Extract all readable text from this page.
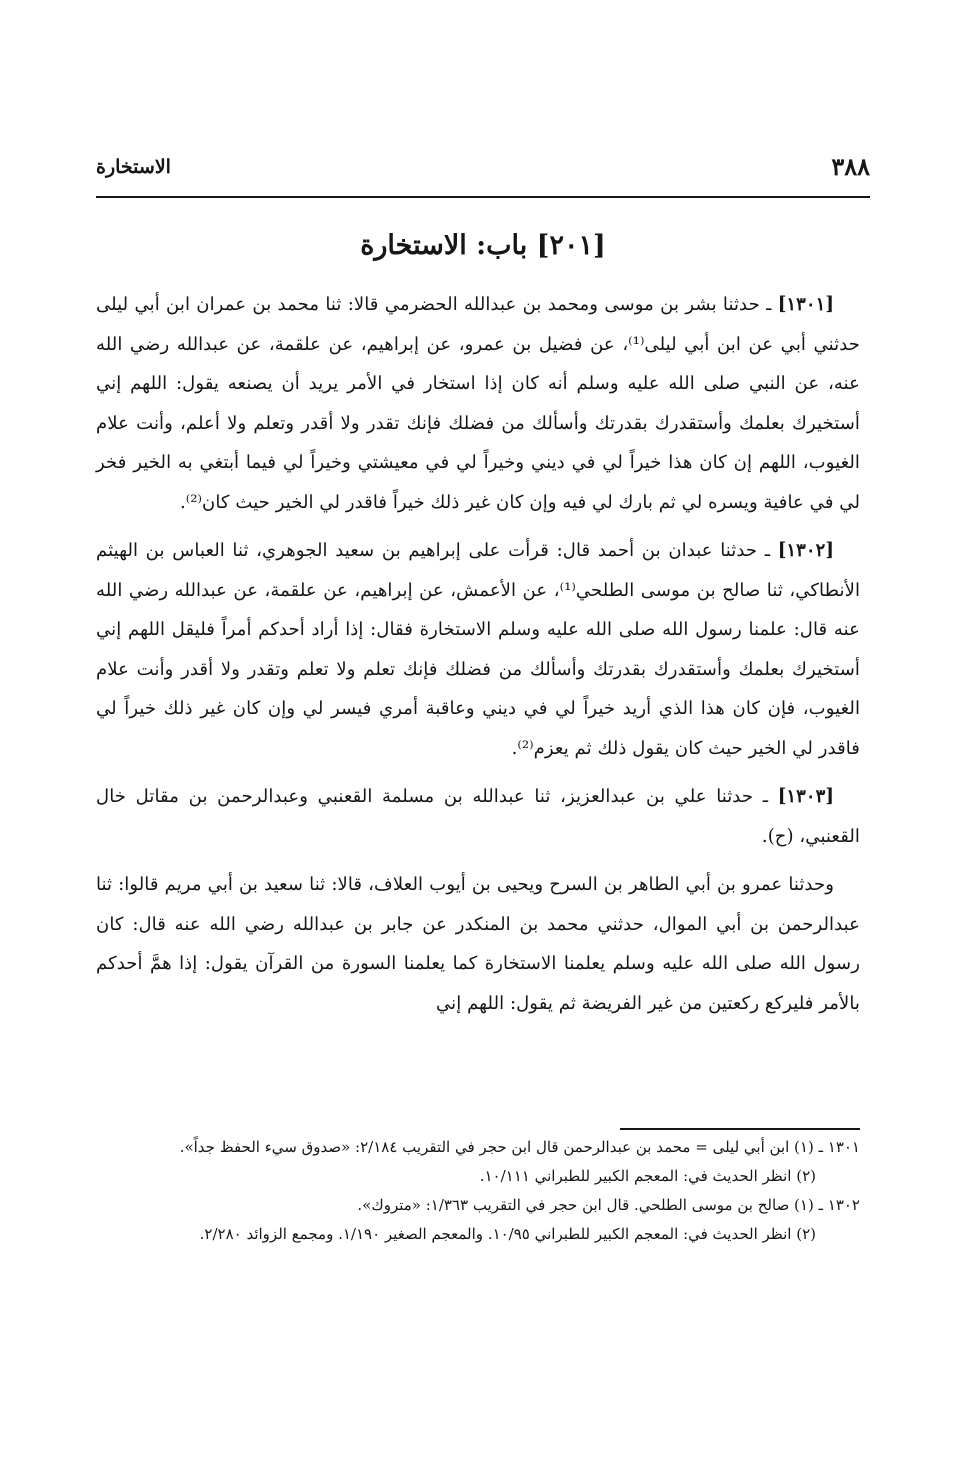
٣٨٨
الاستخارة
[٢٠١] باب: الاستخارة

[١٣٠١] ـ حدثنا بشر بن موسى ومحمد بن عبدالله الحضرمي قالا: ثنا محمد بن عمران ابن أبي ليلى حدثني أبي عن ابن أبي ليلى⁽¹⁾، عن فضيل بن عمرو، عن إبراهيم، عن علقمة، عن عبدالله رضي الله عنه، عن النبي صلى الله عليه وسلم أنه كان إذا استخار في الأمر يريد أن يصنعه يقول: اللهم إني أستخيرك بعلمك وأستقدرك بقدرتك وأسألك من فضلك فإنك تقدر ولا أقدر وتعلم ولا أعلم، وأنت علام الغيوب، اللهم إن كان هذا خيراً لي في ديني وخيراً لي في معيشتي وخيراً لي فيما أبتغي به الخير فخر لي في عافية ويسره لي ثم بارك لي فيه وإن كان غير ذلك خيراً فاقدر لي الخير حيث كان⁽²⁾.

[١٣٠٢] ـ حدثنا عبدان بن أحمد قال: قرأت على إبراهيم بن سعيد الجوهري، ثنا العباس بن الهيثم الأنطاكي، ثنا صالح بن موسى الطلحي⁽¹⁾، عن الأعمش، عن إبراهيم، عن علقمة، عن عبدالله رضي الله عنه قال: علمنا رسول الله صلى الله عليه وسلم الاستخارة فقال: إذا أراد أحدكم أمراً فليقل اللهم إني أستخيرك بعلمك وأستقدرك بقدرتك وأسألك من فضلك فإنك تعلم ولا تعلم وتقدر ولا أقدر وأنت علام الغيوب، فإن كان هذا الذي أريد خيراً لي في ديني وعاقبة أمري فيسر لي وإن كان غير ذلك خيراً لي فاقدر لي الخير حيث كان يقول ذلك ثم يعزم⁽²⁾.

[١٣٠٣] ـ حدثنا علي بن عبدالعزيز، ثنا عبدالله بن مسلمة القعنبي وعبدالرحمن بن مقاتل خال القعنبي، (ح).

وحدثنا عمرو بن أبي الطاهر بن السرح ويحيى بن أيوب العلاف، قالا: ثنا سعيد بن أبي مريم قالوا: ثنا عبدالرحمن بن أبي الموال، حدثني محمد بن المنكدر عن جابر بن عبدالله رضي الله عنه قال: كان رسول الله صلى الله عليه وسلم يعلمنا الاستخارة كما يعلمنا السورة من القرآن يقول: إذا همَّ أحدكم بالأمر فليركع ركعتين من غير الفريضة ثم يقول: اللهم إني

١٣٠١ ـ (١) ابن أبي ليلى = محمد بن عبدالرحمن قال ابن حجر في التقريب ٢/١٨٤: «صدوق سيء الحفظ جداً».

(٢) انظر الحديث في: المعجم الكبير للطبراني ١٠/١١١.

١٣٠٢ ـ (١) صالح بن موسى الطلحي. قال ابن حجر في التقريب ١/٣٦٣: «متروك».

(٢) انظر الحديث في: المعجم الكبير للطبراني ١٠/٩٥. والمعجم الصغير ١/١٩٠. ومجمع الزوائد ٢/٢٨٠.
